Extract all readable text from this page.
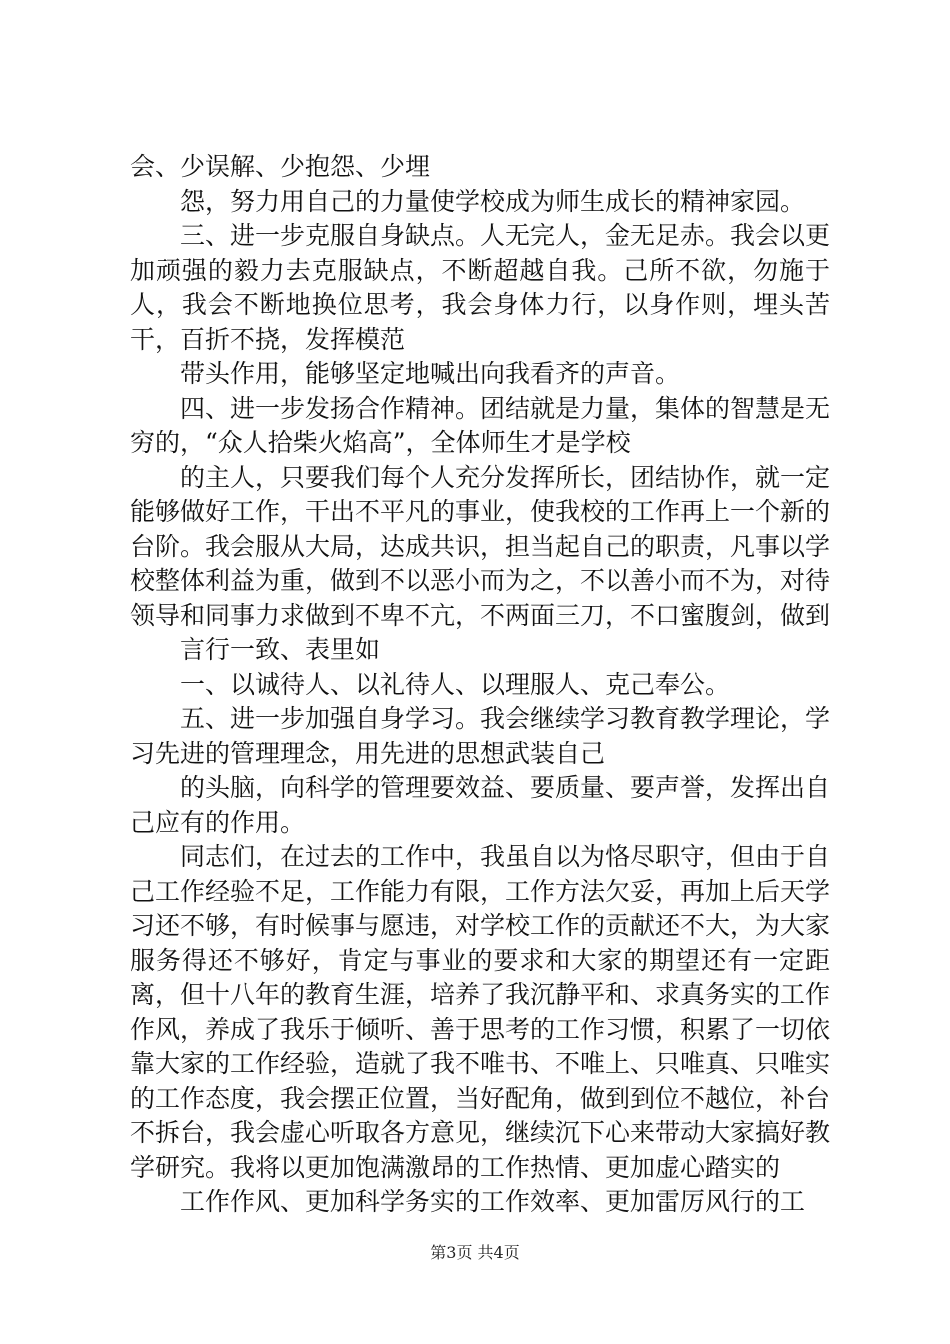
会、少误解、少抱怨、少埋

怨，努力用自己的力量使学校成为师生成长的精神家园。

三、进一步克服自身缺点。人无完人，金无足赤。我会以更加顽强的毅力去克服缺点，不断超越自我。己所不欲，勿施于人，我会不断地换位思考，我会身体力行，以身作则，埋头苦干，百折不挠，发挥模范

带头作用，能够坚定地喊出向我看齐的声音。

四、进一步发扬合作精神。团结就是力量，集体的智慧是无穷的，“众人拾柴火焰高”，全体师生才是学校

的主人，只要我们每个人充分发挥所长，团结协作，就一定能够做好工作，干出不平凡的事业，使我校的工作再上一个新的台阶。我会服从大局，达成共识，担当起自己的职责，凡事以学校整体利益为重，做到不以恶小而为之，不以善小而不为，对待领导和同事力求做到不卑不亢，不两面三刀，不口蜜腹剑，做到

言行一致、表里如

一、以诚待人、以礼待人、以理服人、克己奉公。

五、进一步加强自身学习。我会继续学习教育教学理论，学习先进的管理理念，用先进的思想武装自己

的头脑，向科学的管理要效益、要质量、要声誉，发挥出自己应有的作用。

同志们，在过去的工作中，我虽自以为恪尽职守，但由于自己工作经验不足，工作能力有限，工作方法欠妥，再加上后天学习还不够，有时候事与愿违，对学校工作的贡献还不大，为大家服务得还不够好，肯定与事业的要求和大家的期望还有一定距离，但十八年的教育生涯，培养了我沉静平和、求真务实的工作作风，养成了我乐于倾听、善于思考的工作习惯，积累了一切依靠大家的工作经验，造就了我不唯书、不唯上、只唯真、只唯实的工作态度，我会摆正位置，当好配角，做到到位不越位，补台不拆台，我会虚心听取各方意见，继续沉下心来带动大家搞好教学研究。我将以更加饱满激昂的工作热情、更加虚心踏实的

工作作风、更加科学务实的工作效率、更加雷厉风行的工

第3页 共4页
